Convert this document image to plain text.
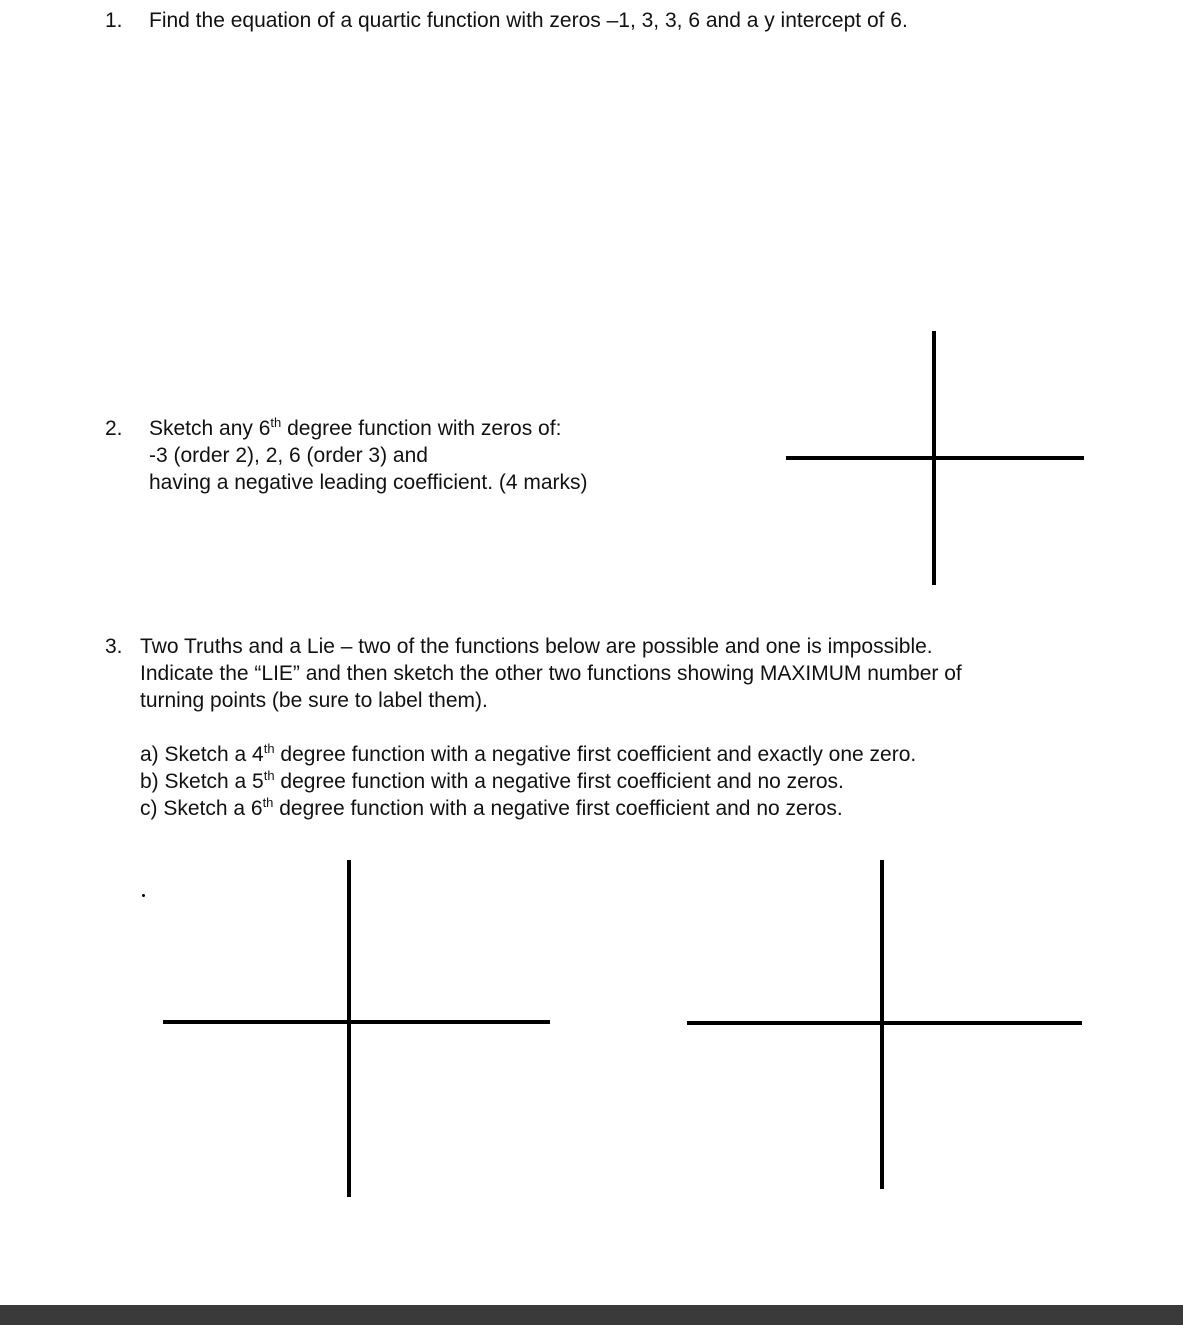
1. Find the equation of a quartic function with zeros –1, 3, 3, 6 and a y intercept of 6.
2. Sketch any 6th degree function with zeros of:
-3 (order 2), 2, 6 (order 3) and
having a negative leading coefficient. (4 marks)
3. Two Truths and a Lie – two of the functions below are possible and one is impossible.
Indicate the “LIE” and then sketch the other two functions showing MAXIMUM number of
turning points (be sure to label them).
a) Sketch a 4th degree function with a negative first coefficient and exactly one zero.
b) Sketch a 5th degree function with a negative first coefficient and no zeros.
c) Sketch a 6th degree function with a negative first coefficient and no zeros.
